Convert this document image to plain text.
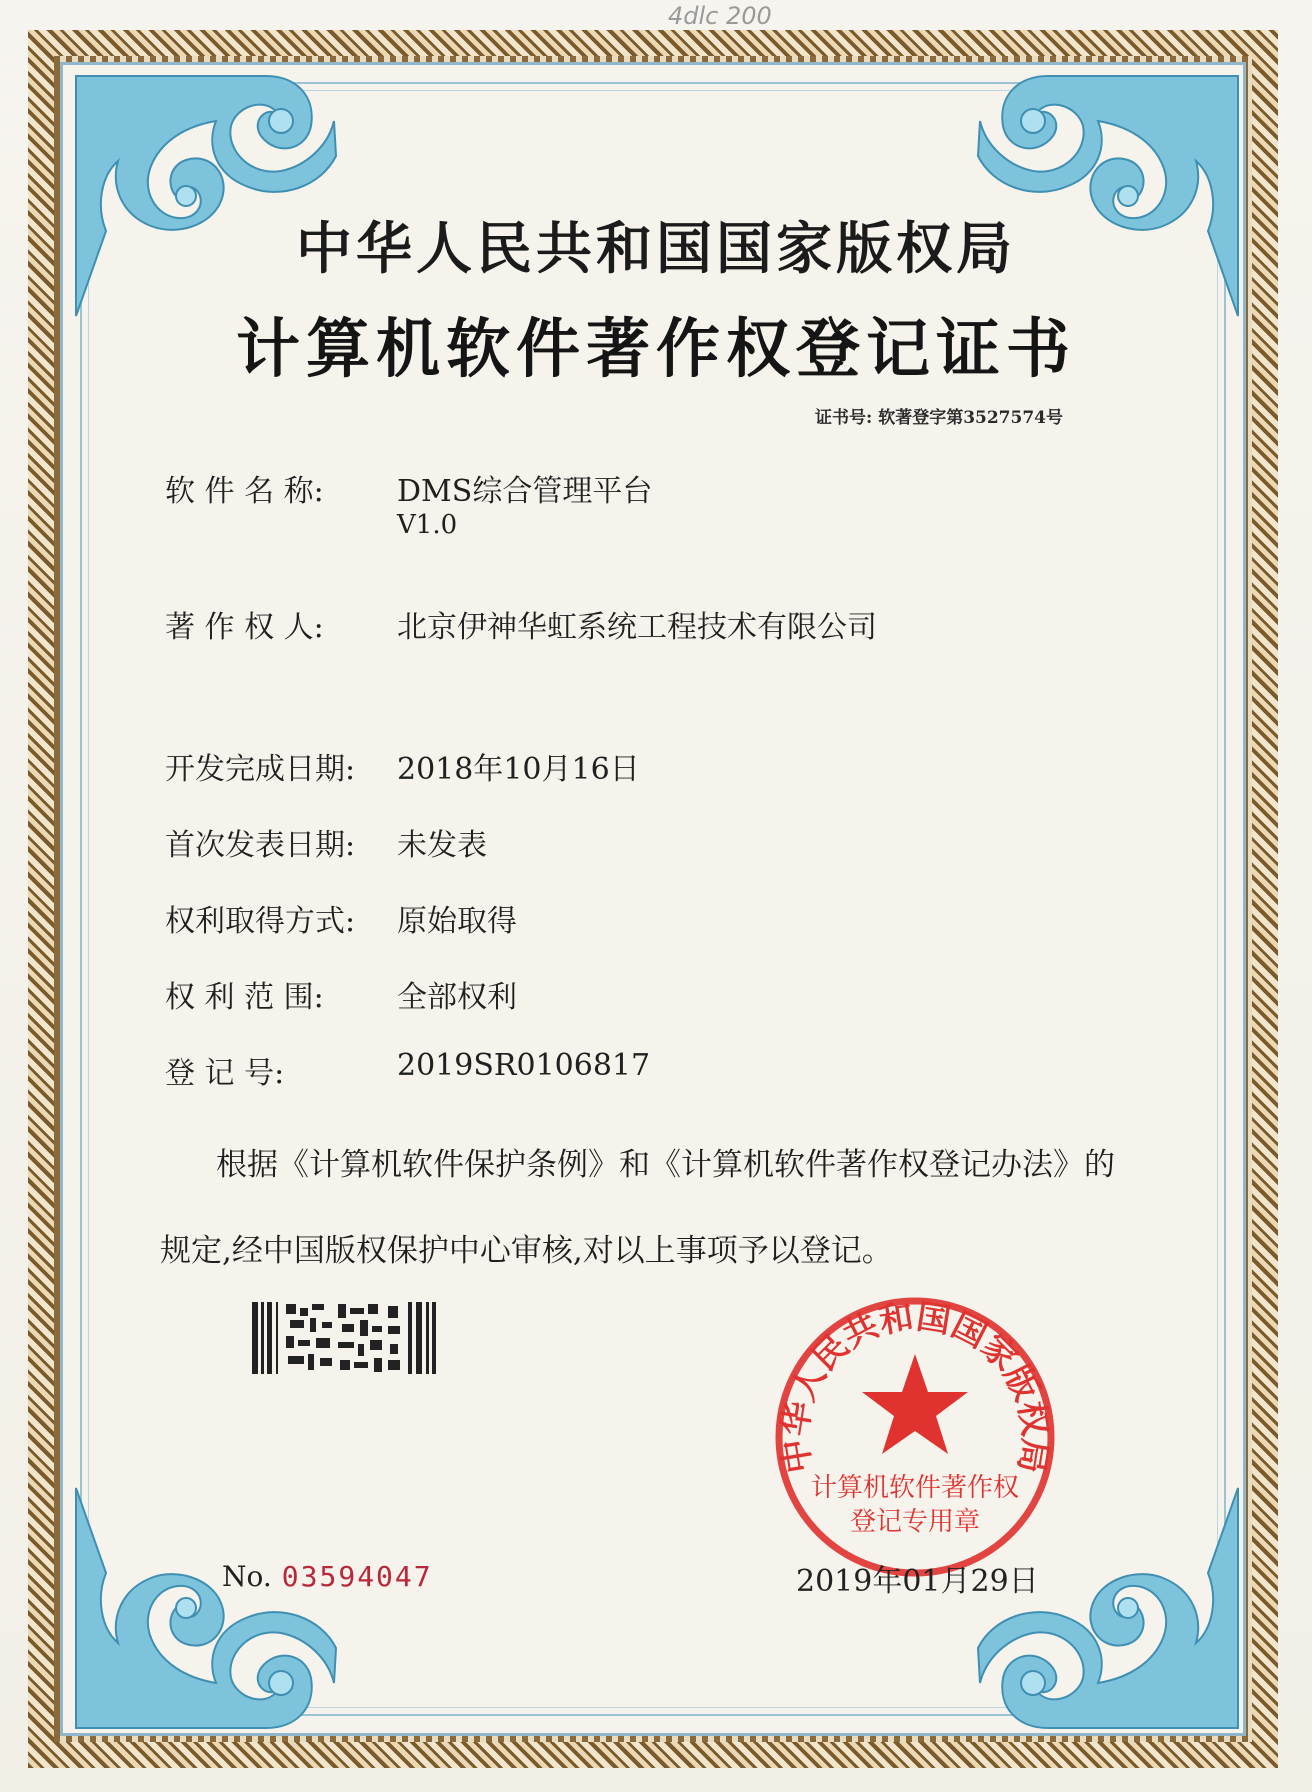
4dlc 200
中华人民共和国国家版权局
计算机软件著作权登记证书
证书号: 软著登字第3527574号
软 件 名 称: DMS综合管理平台
V1.0
著 作 权 人: 北京伊神华虹系统工程技术有限公司
开发完成日期: 2018年10月16日
首次发表日期: 未发表
权利取得方式: 原始取得
权 利 范 围: 全部权利
登 记 号:	2019SR0106817
根据《计算机软件保护条例》和《计算机软件著作权登记办法》的
规定,经中国版权保护中心审核,对以上事项予以登记。
No. 03594047
中华人民共和国国家版权局
计算机软件著作权
登记专用章
2019年01月29日
